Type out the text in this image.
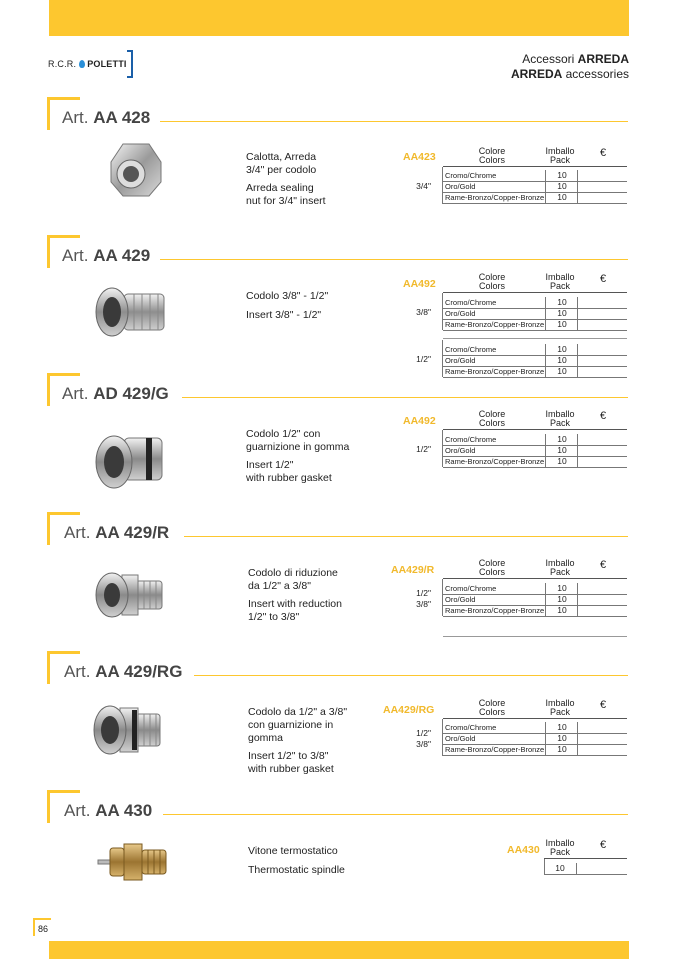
R.C.R. POLETTI	Accessori ARREDA
ARREDA accessories
Art. AA 428

Calotta, Arreda
3/4" per codolo

Arreda sealing
nut for 3/4" insert

AA423	Colore
Colors
Imballo
Pack
€
3/4"
Cromo/Chrome	10
Oro/Gold	10
Rame-Bronzo/Copper-Bronze	10
Art. AA 429

Codolo 3/8" - 1/2"

Insert 3/8" - 1/2"

AA492
Colore
Colors
Imballo
Pack
€
3/8"
Cromo/Chrome	10
Oro/Gold	10
Rame-Bronzo/Copper-Bronze	10
1/2"
Cromo/Chrome	10
Oro/Gold	10
Rame-Bronzo/Copper-Bronze	10
Art. AD 429/G

Codolo 1/2" con
guarnizione in gomma

Insert 1/2"
with rubber gasket

AA492
Colore
Colors
Imballo
Pack
€
1/2"
Cromo/Chrome	10
Oro/Gold	10
Rame-Bronzo/Copper-Bronze	10
Art. AA 429/R

Codolo di riduzione
da 1/2" a 3/8"

Insert with reduction
1/2" to 3/8"

AA429/R
Colore
Colors
Imballo
Pack
€
1/2"
3/8"
Cromo/Chrome	10
Oro/Gold	10
Rame-Bronzo/Copper-Bronze	10
Art. AA 429/RG

Codolo da 1/2" a 3/8"
con guarnizione in
gomma

Insert 1/2" to 3/8"
with rubber gasket

AA429/RG
Colore
Colors
Imballo
Pack
€
1/2"
3/8"
Cromo/Chrome	10
Oro/Gold	10
Rame-Bronzo/Copper-Bronze	10
Art. AA 430

Vitone termostatico

Thermostatic spindle

AA430
Imballo
Pack
€
10
86
